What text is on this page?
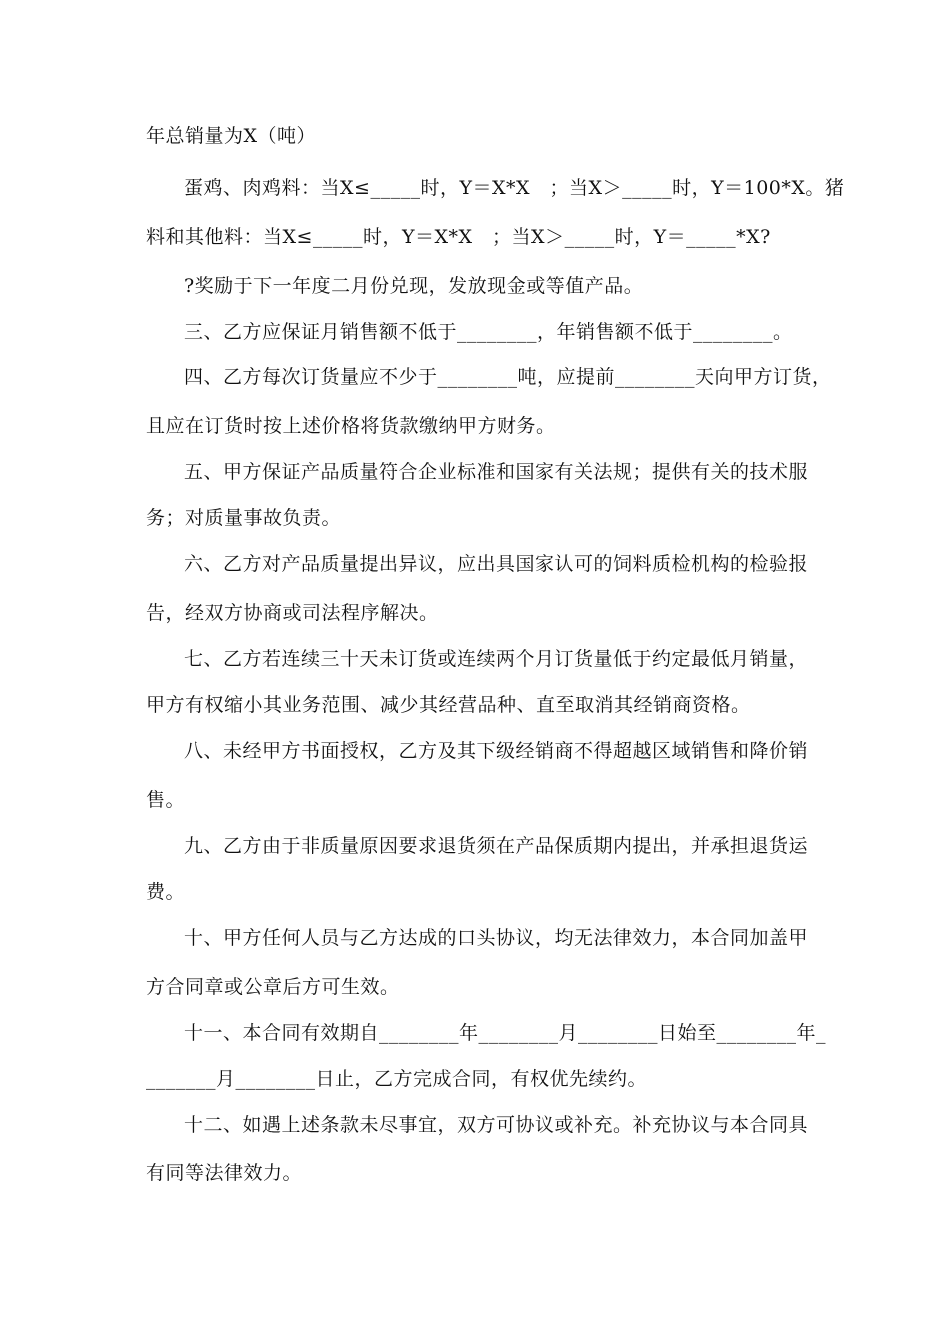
年总销量为X（吨）
蛋鸡、肉鸡料：当X≤_____时，Y＝X*X　；当X＞_____时，Y＝100*X。猪
料和其他料：当X≤_____时，Y＝X*X　；当X＞_____时，Y＝_____*X?
?奖励于下一年度二月份兑现，发放现金或等值产品。
三、乙方应保证月销售额不低于________，年销售额不低于________。
四、乙方每次订货量应不少于________吨，应提前________天向甲方订货，
且应在订货时按上述价格将货款缴纳甲方财务。
五、甲方保证产品质量符合企业标准和国家有关法规；提供有关的技术服
务；对质量事故负责。
六、乙方对产品质量提出异议，应出具国家认可的饲料质检机构的检验报
告，经双方协商或司法程序解决。
七、乙方若连续三十天未订货或连续两个月订货量低于约定最低月销量，
甲方有权缩小其业务范围、减少其经营品种、直至取消其经销商资格。
八、未经甲方书面授权，乙方及其下级经销商不得超越区域销售和降价销
售。
九、乙方由于非质量原因要求退货须在产品保质期内提出，并承担退货运
费。
十、甲方任何人员与乙方达成的口头协议，均无法律效力，本合同加盖甲
方合同章或公章后方可生效。
十一、本合同有效期自________年________月________日始至________年_
_______月________日止，乙方完成合同，有权优先续约。
十二、如遇上述条款未尽事宜，双方可协议或补充。补充协议与本合同具
有同等法律效力。
